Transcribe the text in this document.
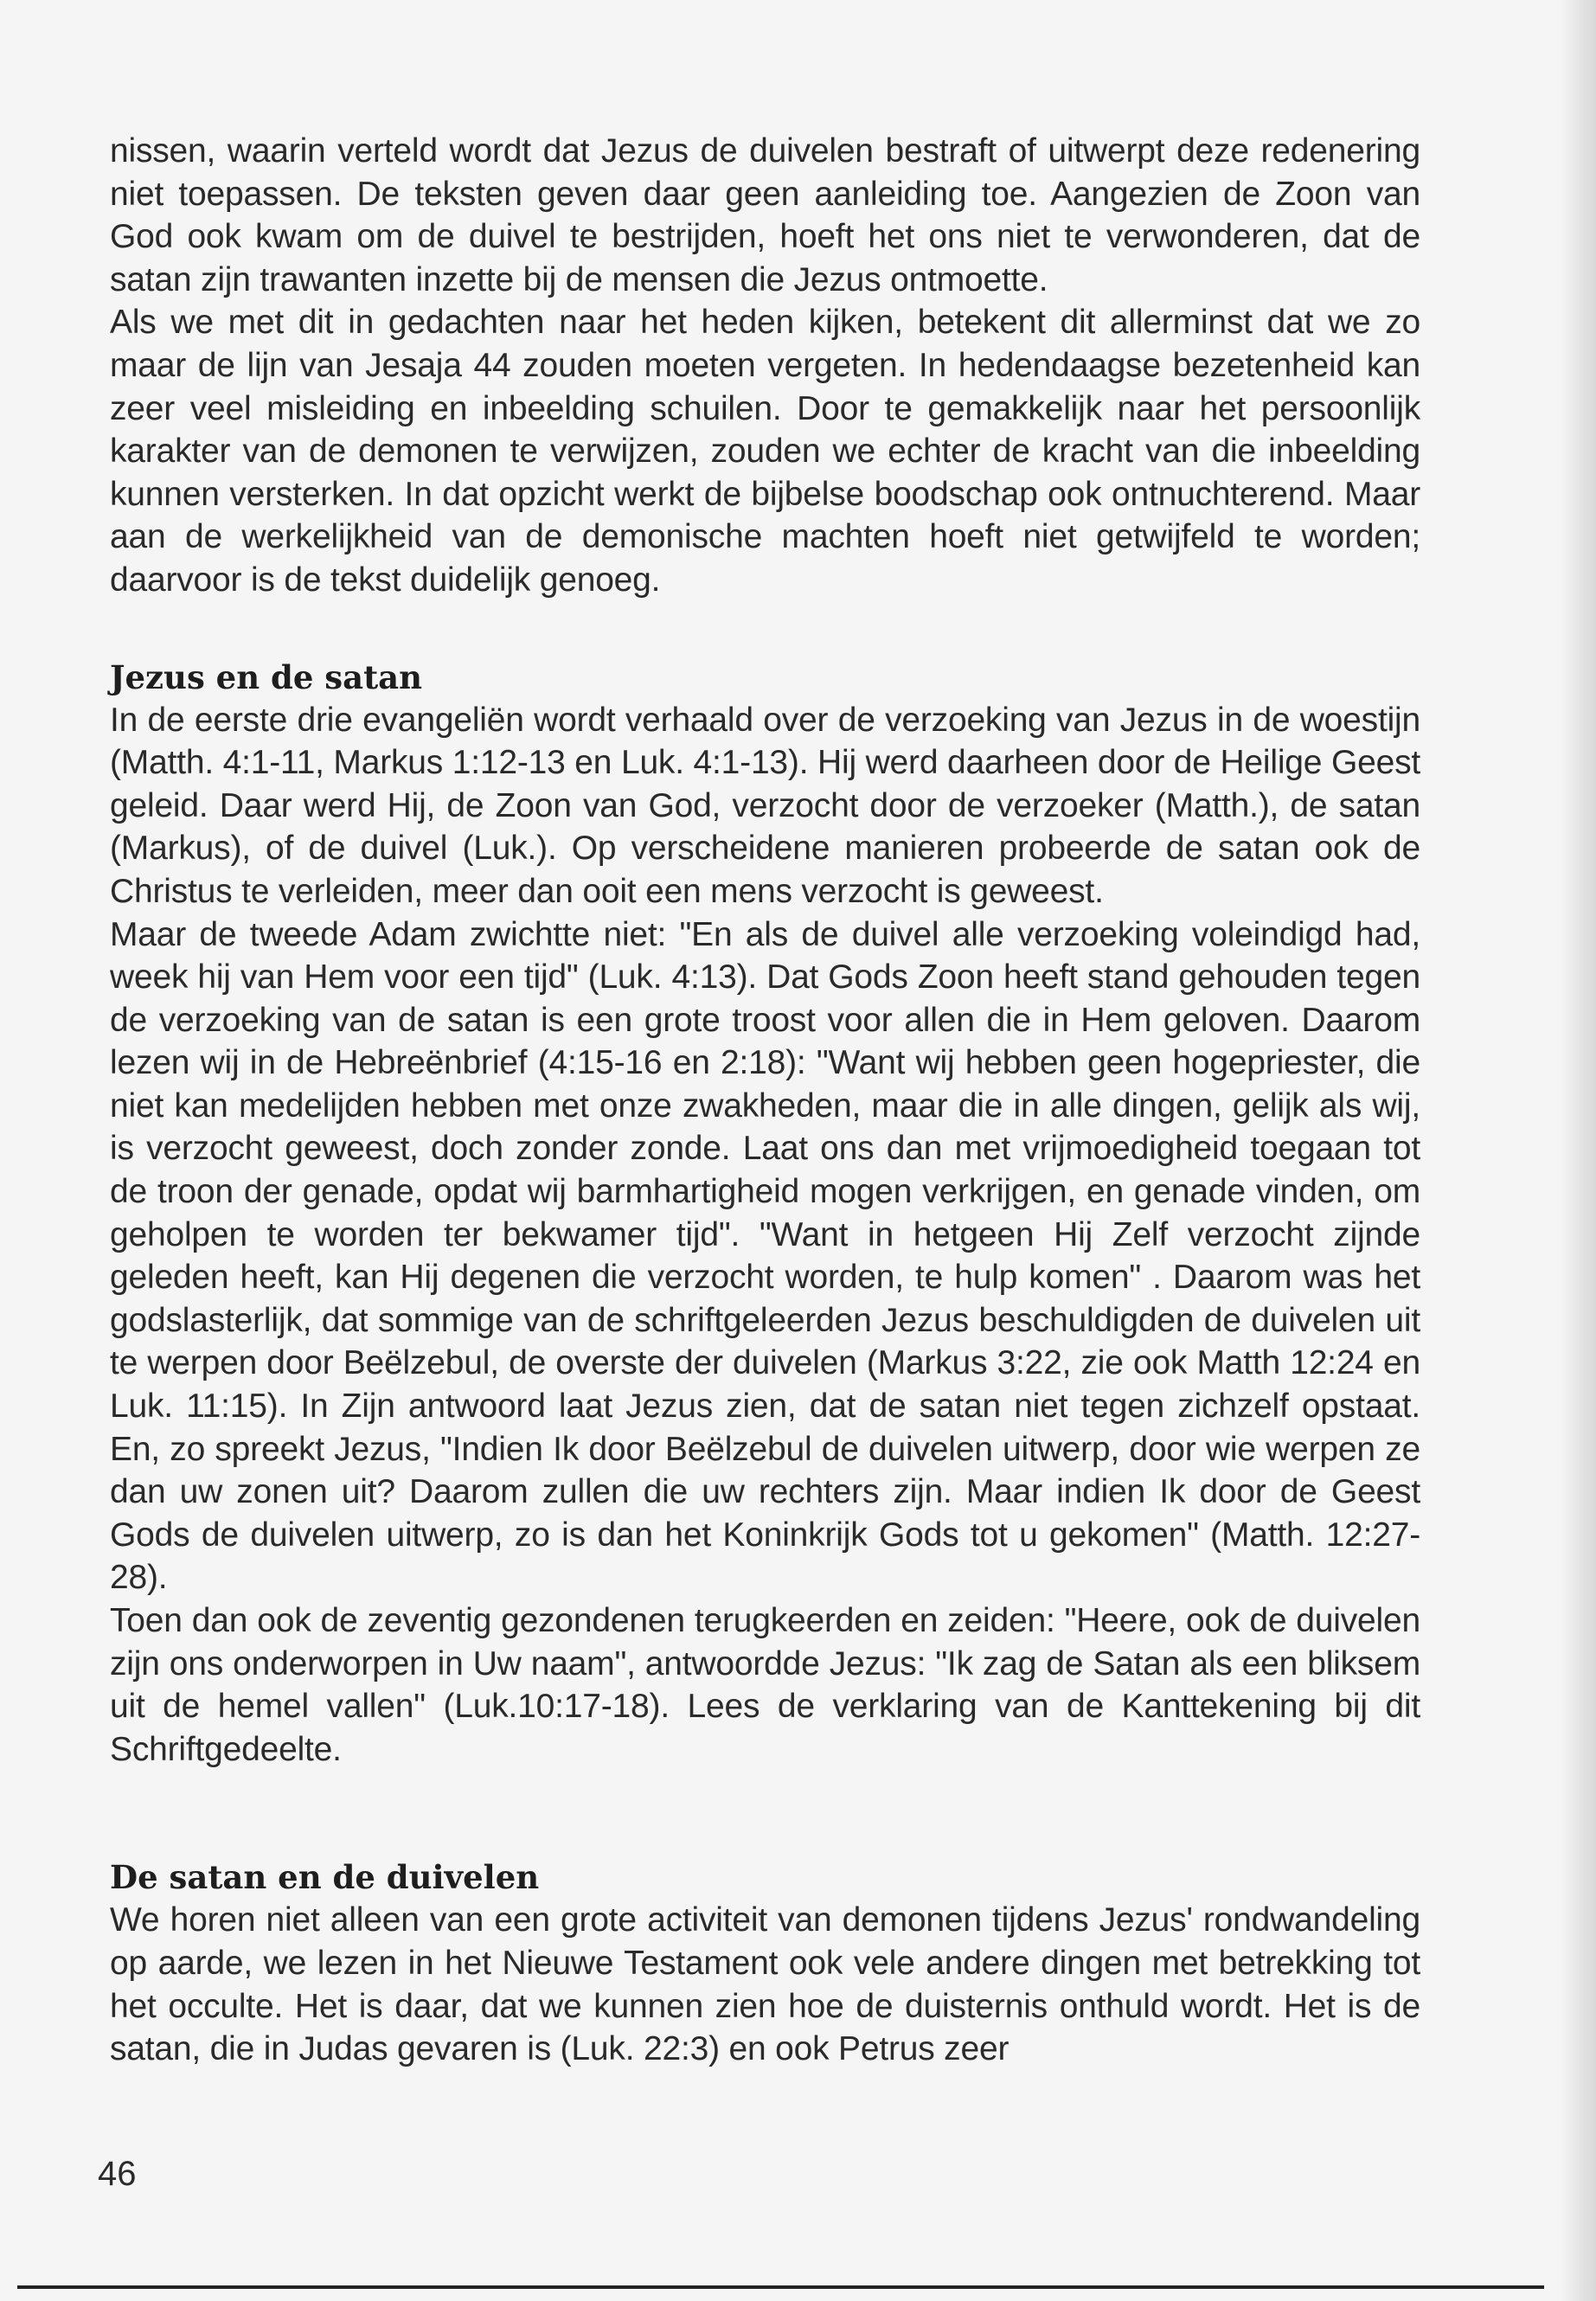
nissen, waarin verteld wordt dat Jezus de duivelen bestraft of uitwerpt deze redenering niet toepassen. De teksten geven daar geen aanleiding toe. Aangezien de Zoon van God ook kwam om de duivel te bestrijden, hoeft het ons niet te verwonderen, dat de satan zijn trawanten inzette bij de mensen die Jezus ontmoette.

Als we met dit in gedachten naar het heden kijken, betekent dit allerminst dat we zo maar de lijn van Jesaja 44 zouden moeten vergeten. In hedendaagse bezetenheid kan zeer veel misleiding en inbeelding schuilen. Door te gemakkelijk naar het persoonlijk karakter van de demonen te verwijzen, zouden we echter de kracht van die inbeelding kunnen versterken. In dat opzicht werkt de bijbelse boodschap ook ontnuchterend. Maar aan de werkelijkheid van de demonische machten hoeft niet getwijfeld te worden; daarvoor is de tekst duidelijk genoeg.

Jezus en de satan

In de eerste drie evangeliën wordt verhaald over de verzoeking van Jezus in de woestijn (Matth. 4:1-11, Markus 1:12-13 en Luk. 4:1-13). Hij werd daarheen door de Heilige Geest geleid. Daar werd Hij, de Zoon van God, verzocht door de verzoeker (Matth.), de satan (Markus), of de duivel (Luk.). Op verscheidene manieren probeerde de satan ook de Christus te verleiden, meer dan ooit een mens verzocht is geweest.

Maar de tweede Adam zwichtte niet: "En als de duivel alle verzoeking voleindigd had, week hij van Hem voor een tijd" (Luk. 4:13). Dat Gods Zoon heeft stand gehouden tegen de verzoeking van de satan is een grote troost voor allen die in Hem geloven. Daarom lezen wij in de Hebreënbrief (4:15-16 en 2:18): "Want wij hebben geen hogepriester, die niet kan medelijden hebben met onze zwakheden, maar die in alle dingen, gelijk als wij, is verzocht geweest, doch zonder zonde. Laat ons dan met vrijmoedigheid toegaan tot de troon der genade, opdat wij barmhartigheid mogen verkrijgen, en genade vinden, om geholpen te worden ter bekwamer tijd". "Want in hetgeen Hij Zelf verzocht zijnde geleden heeft, kan Hij degenen die verzocht worden, te hulp komen" . Daarom was het godslasterlijk, dat sommige van de schriftgeleerden Jezus beschuldigden de duivelen uit te werpen door Beëlzebul, de overste der duivelen (Markus 3:22, zie ook Matth 12:24 en Luk. 11:15). In Zijn antwoord laat Jezus zien, dat de satan niet tegen zichzelf opstaat. En, zo spreekt Jezus, "Indien Ik door Beëlzebul de duivelen uitwerp, door wie werpen ze dan uw zonen uit? Daarom zullen die uw rechters zijn. Maar indien Ik door de Geest Gods de duivelen uitwerp, zo is dan het Koninkrijk Gods tot u gekomen" (Matth. 12:27-28).

Toen dan ook de zeventig gezondenen terugkeerden en zeiden: "Heere, ook de duivelen zijn ons onderworpen in Uw naam", antwoordde Jezus: "Ik zag de Satan als een bliksem uit de hemel vallen" (Luk.10:17-18). Lees de verklaring van de Kanttekening bij dit Schriftgedeelte.

De satan en de duivelen

We horen niet alleen van een grote activiteit van demonen tijdens Jezus' rondwandeling op aarde, we lezen in het Nieuwe Testament ook vele andere dingen met betrekking tot het occulte. Het is daar, dat we kunnen zien hoe de duisternis onthuld wordt. Het is de satan, die in Judas gevaren is (Luk. 22:3) en ook Petrus zeer

46
